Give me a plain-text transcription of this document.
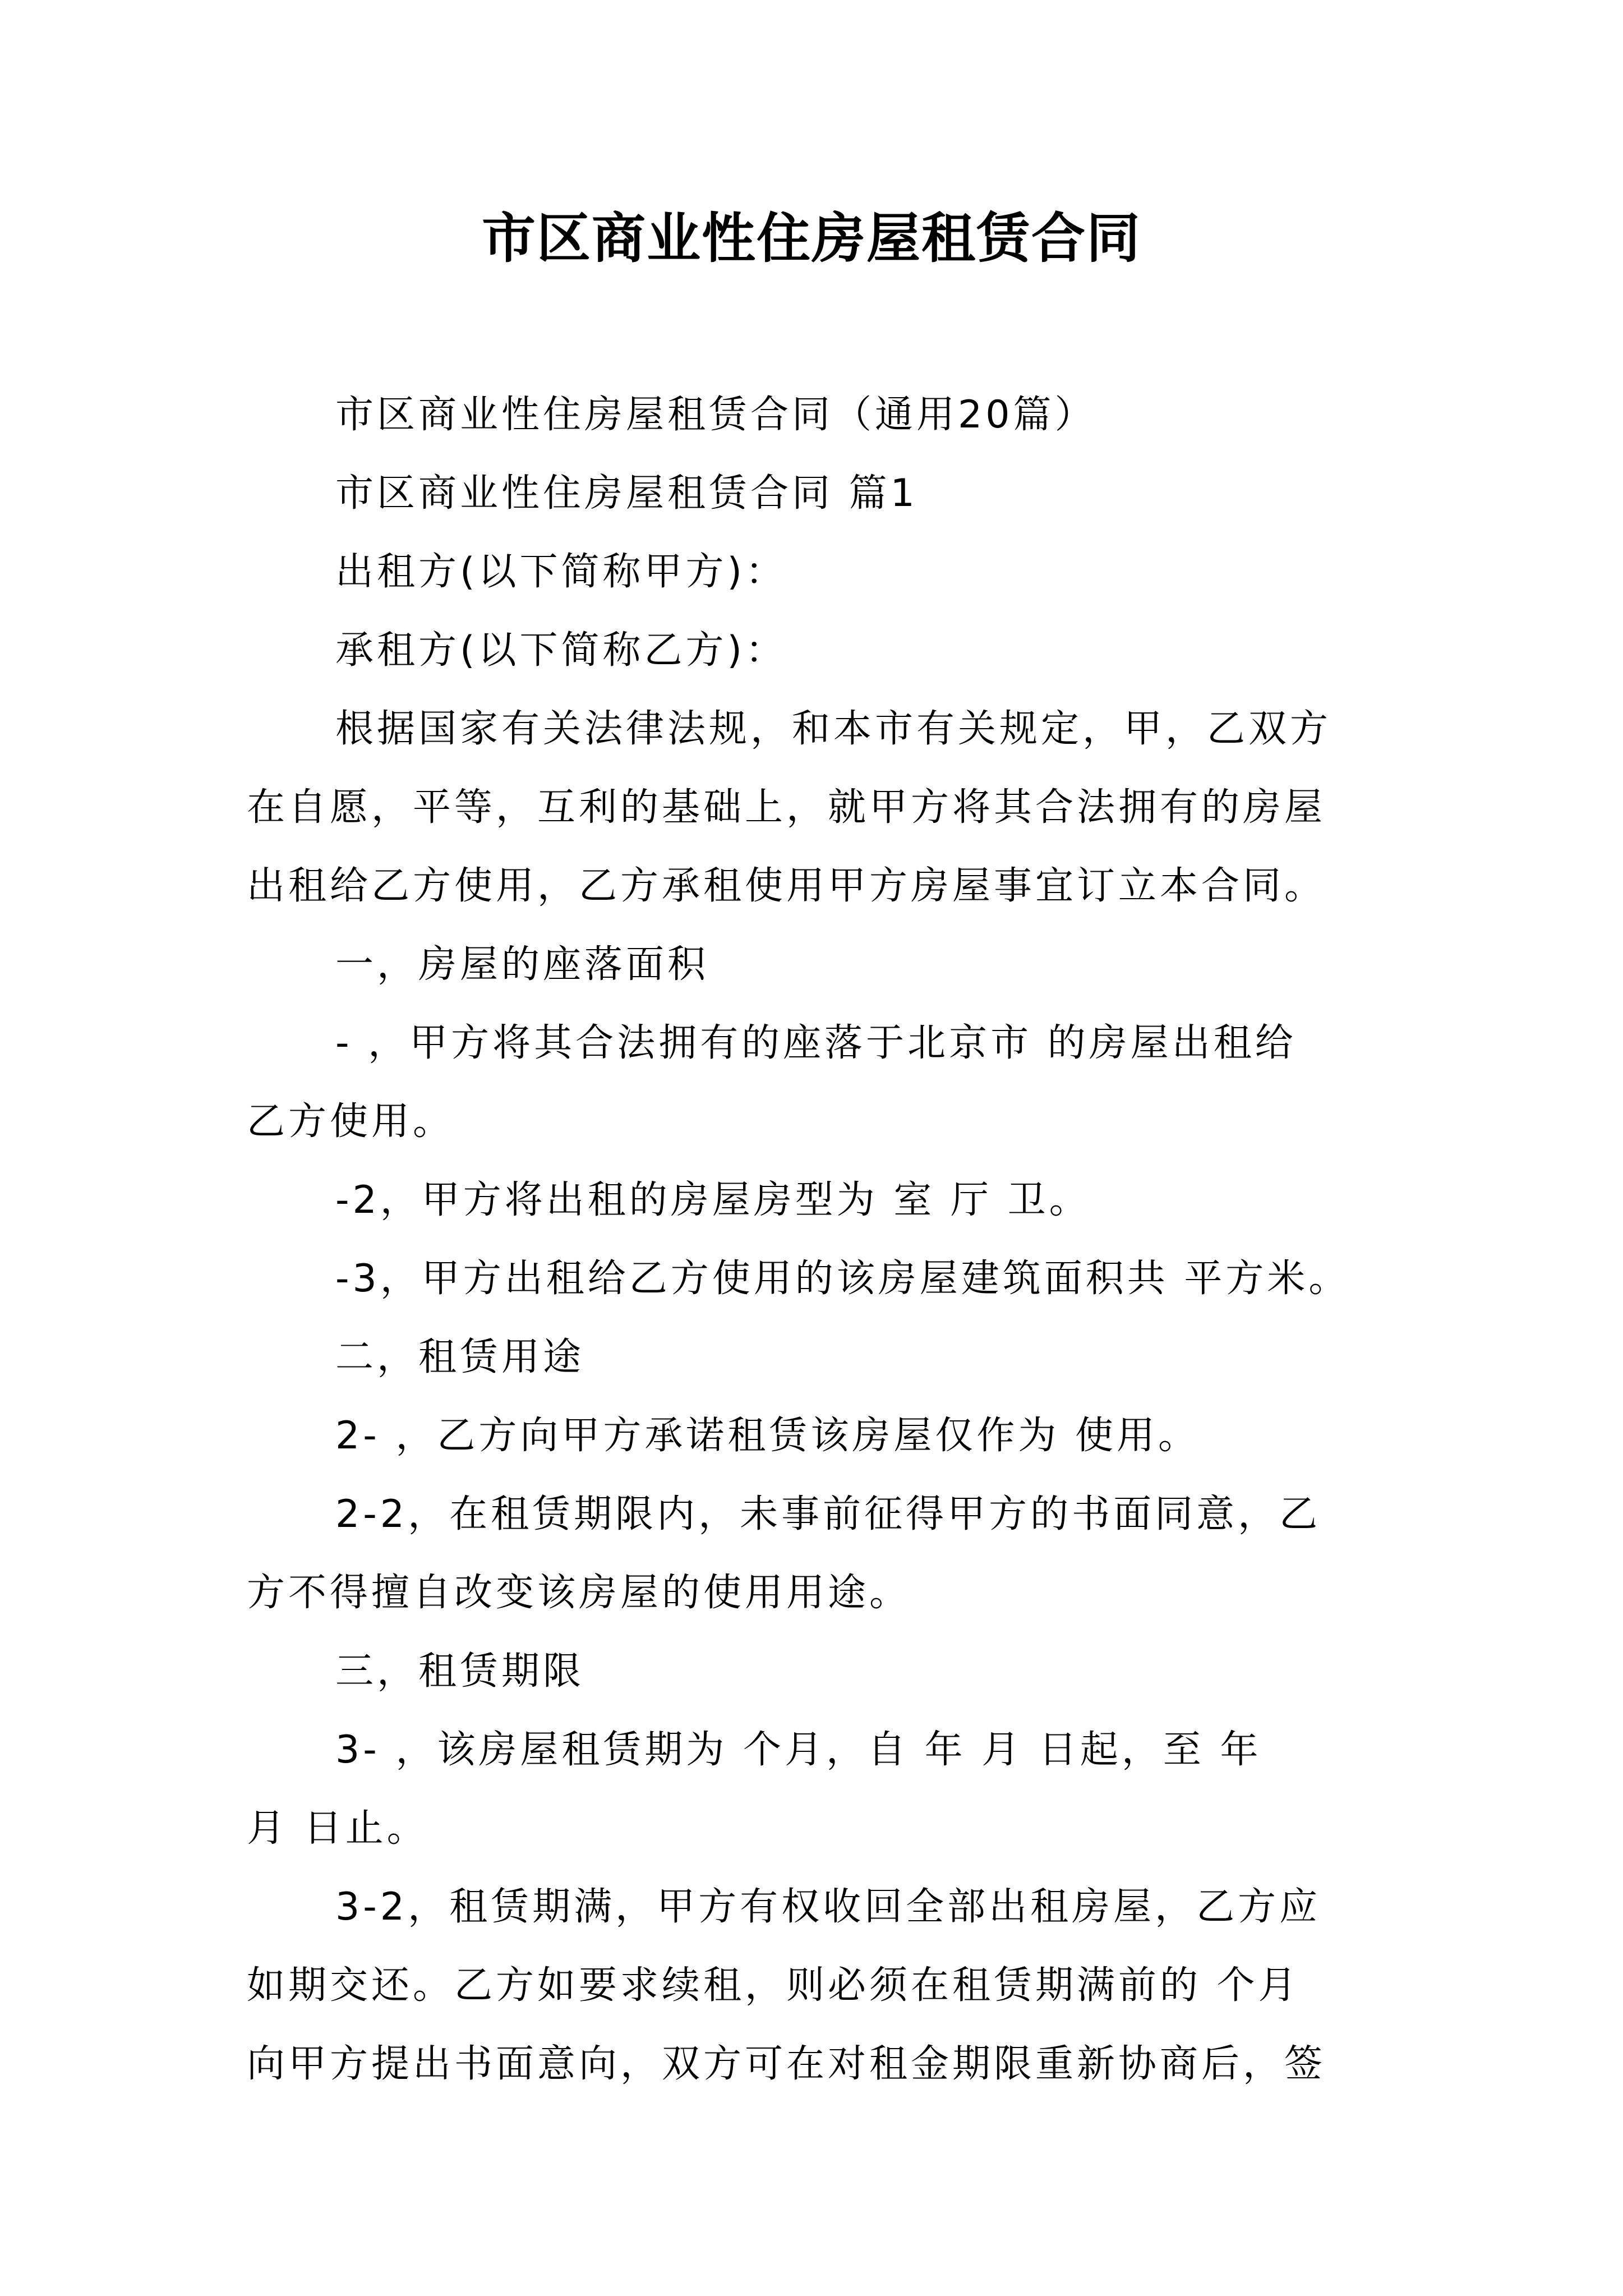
市区商业性住房屋租赁合同

市区商业性住房屋租赁合同（通用20篇）

市区商业性住房屋租赁合同 篇1

出租方(以下简称甲方)：

承租方(以下简称乙方)：

根据国家有关法律法规，和本市有关规定，甲，乙双方

在自愿，平等，互利的基础上，就甲方将其合法拥有的房屋

出租给乙方使用，乙方承租使用甲方房屋事宜订立本合同。

一，房屋的座落面积

- ，甲方将其合法拥有的座落于北京市 的房屋出租给

乙方使用。

-2，甲方将出租的房屋房型为 室 厅 卫。

-3，甲方出租给乙方使用的该房屋建筑面积共 平方米。

二，租赁用途

2- ，乙方向甲方承诺租赁该房屋仅作为 使用。

2-2，在租赁期限内，未事前征得甲方的书面同意，乙

方不得擅自改变该房屋的使用用途。

三，租赁期限

3- ，该房屋租赁期为 个月，自 年 月 日起，至 年

月 日止。

3-2，租赁期满，甲方有权收回全部出租房屋，乙方应

如期交还。乙方如要求续租，则必须在租赁期满前的 个月

向甲方提出书面意向，双方可在对租金期限重新协商后，签
